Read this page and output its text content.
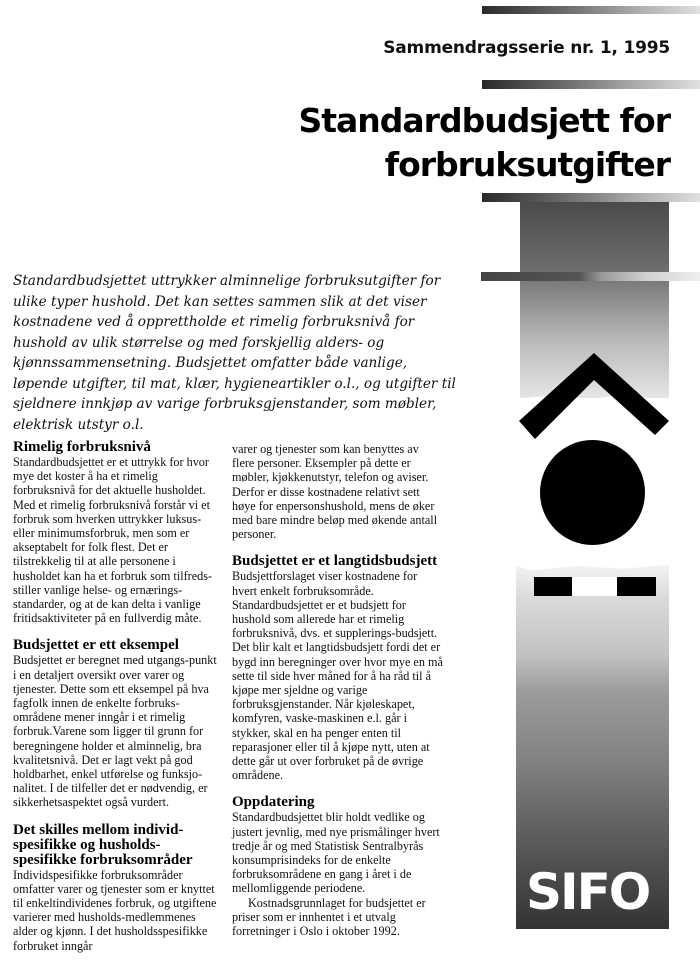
Sammendragsserie nr. 1, 1995
Standardbudsjett for
forbruksutgifter
SIFO

Standardbudsjettet uttrykker alminnelige forbruksutgifter for ulike typer hushold. Det kan settes sammen slik at det viser kostnadene ved å opprettholde et rimelig forbruksnivå for hushold av ulik størrelse og med forskjellig alders- og kjønnssammensetning. Budsjettet omfatter både vanlige, løpende utgifter, til mat, klær, hygieneartikler o.l., og utgifter til sjeldnere innkjøp av varige forbruksgjenstander, som møbler, elektrisk utstyr o.l.

Rimelig forbruksnivå

Standardbudsjettet er et uttrykk for hvor mye det koster å ha et rimelig forbruksnivå for det aktuelle husholdet. Med et rimelig forbruksnivå forstår vi et forbruk som hverken uttrykker luksus- eller minimumsforbruk, men som er akseptabelt for folk flest. Det er tilstrekkelig til at alle personene i husholdet kan ha et forbruk som tilfreds-stiller vanlige helse- og ernærings-standarder, og at de kan delta i vanlige fritidsaktiviteter på en fullverdig måte.

Budsjettet er ett eksempel

Budsjettet er beregnet med utgangs-punkt i en detaljert oversikt over varer og tjenester. Dette som ett eksempel på hva fagfolk innen de enkelte forbruks-områdene mener inngår i et rimelig forbruk.Varene som ligger til grunn for beregningene holder et alminnelig, bra kvalitetsnivå. Det er lagt vekt på god holdbarhet, enkel utførelse og funksjo-nalitet. I de tilfeller det er nødvendig, er sikkerhetsaspektet også vurdert.

Det skilles mellom individ-spesifikke og husholds-spesifikke forbruksområder

Individspesifikke forbruksområder omfatter varer og tjenester som er knyttet til enkeltindividenes forbruk, og utgiftene varierer med husholds-medlemmenes alder og kjønn. I det husholdsspesifikke forbruket inngår

varer og tjenester som kan benyttes av flere personer. Eksempler på dette er møbler, kjøkkenutstyr, telefon og aviser. Derfor er disse kostnadene relativt sett høye for enpersonshushold, mens de øker med bare mindre beløp med økende antall personer.

Budsjettet er et langtidsbudsjett

Budsjettforslaget viser kostnadene for hvert enkelt forbruksområde. Standardbudsjettet er et budsjett for hushold som allerede har et rimelig forbruksnivå, dvs. et supplerings-budsjett. Det blir kalt et langtidsbudsjett fordi det er bygd inn beregninger over hvor mye en må sette til side hver måned for å ha råd til å kjøpe mer sjeldne og varige forbruksgjenstander. Når kjøleskapet, komfyren, vaske-maskinen e.l. går i stykker, skal en ha penger enten til reparasjoner eller til å kjøpe nytt, uten at dette går ut over forbruket på de øvrige områdene.

Oppdatering

Standardbudsjettet blir holdt vedlike og justert jevnlig, med nye prismålinger hvert tredje år og med Statistisk Sentralbyrås konsumprisindeks for de enkelte forbruksområdene en gang i året i de mellomliggende periodene.

Kostnadsgrunnlaget for budsjettet er priser som er innhentet i et utvalg forretninger i Oslo i oktober 1992.
